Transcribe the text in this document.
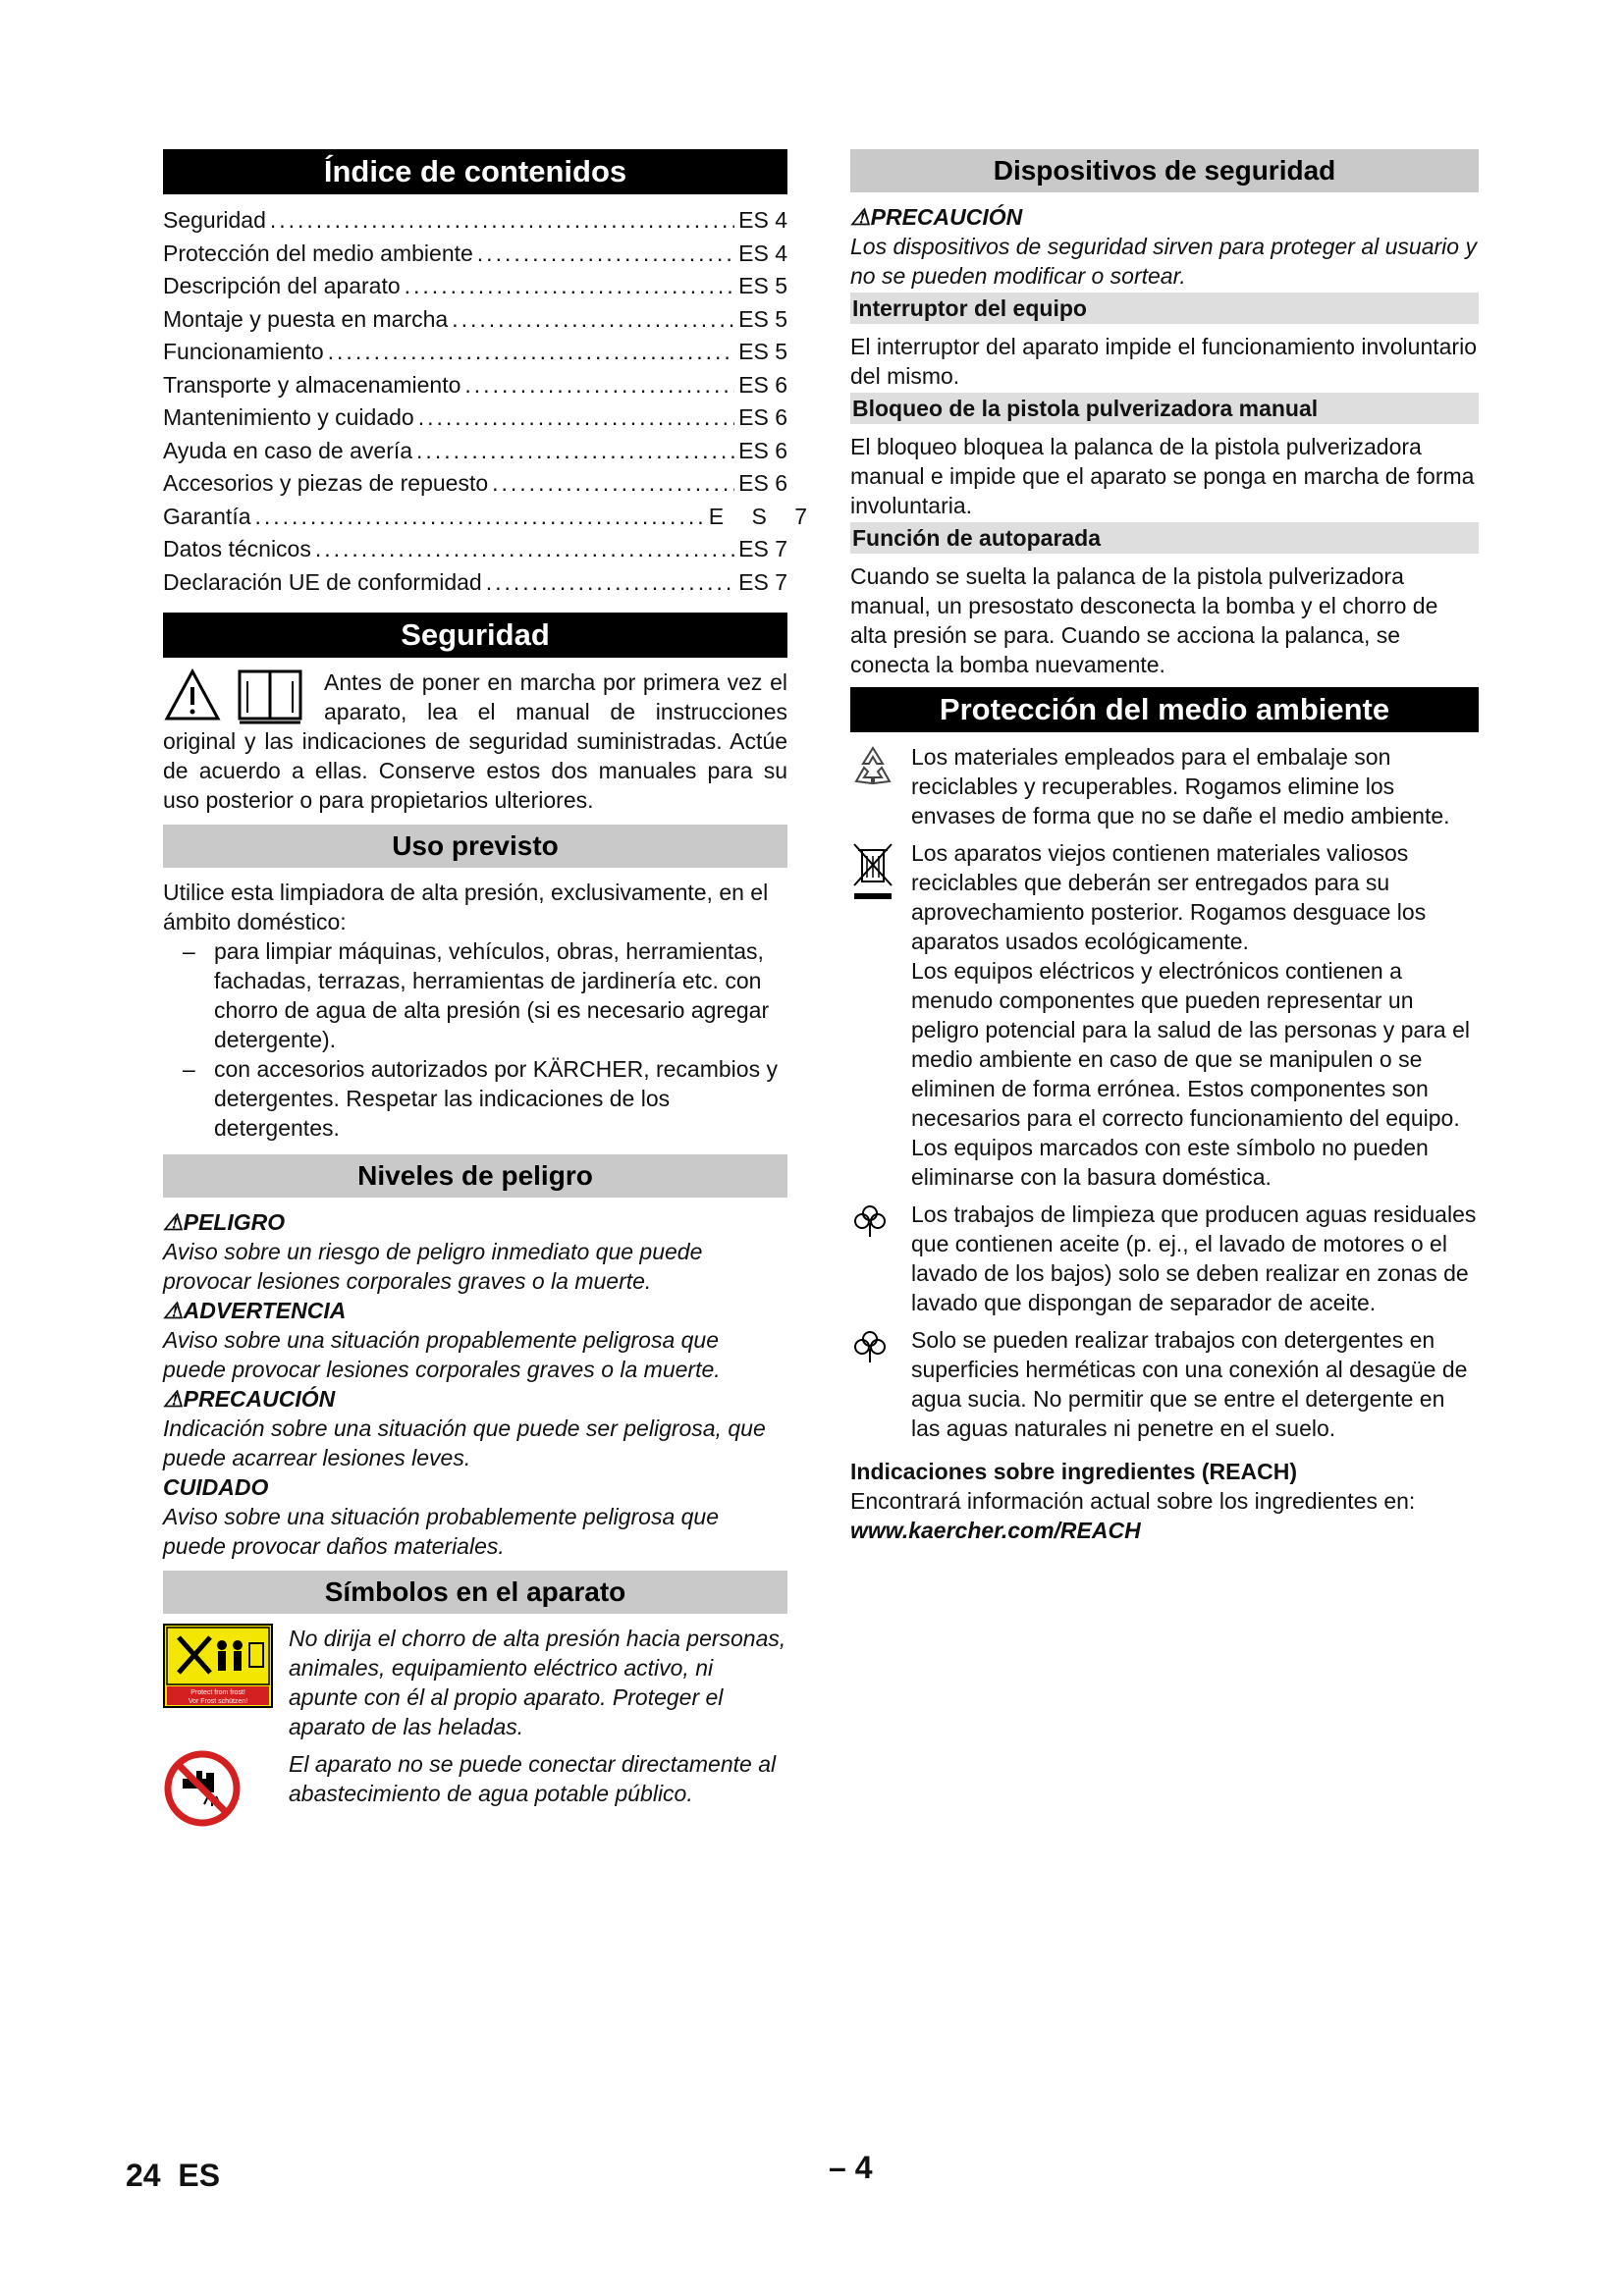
Índice de contenidos
Seguridad .....	ES 4
Protección del medio ambiente .....	ES 4
Descripción del aparato .....	ES 5
Montaje y puesta en marcha .....	ES 5
Funcionamiento .....	ES 5
Transporte y almacenamiento .....	ES 6
Mantenimiento y cuidado .....	ES 6
Ayuda en caso de avería .....	ES 6
Accesorios y piezas de repuesto .....	ES 6
Garantía .....	E S 7
Datos técnicos .....	ES 7
Declaración UE de conformidad .....	ES 7
Seguridad

Antes de poner en marcha por primera vez el aparato, lea el manual de instrucciones original y las indicaciones de seguridad suministradas. Actúe de acuerdo a ellas. Conserve estos dos manuales para su uso posterior o para propietarios ulteriores.

Uso previsto

Utilice esta limpiadora de alta presión, exclusivamente, en el ámbito doméstico:

–
para limpiar máquinas, vehículos, obras, herramientas, fachadas, terrazas, herramientas de jardinería etc. con chorro de agua de alta presión (si es necesario agregar detergente).
–
con accesorios autorizados por KÄRCHER, recambios y detergentes. Respetar las indicaciones de los detergentes.
Niveles de peligro
⚠PELIGRO

Aviso sobre un riesgo de peligro inmediato que puede provocar lesiones corporales graves o la muerte.

⚠ADVERTENCIA

Aviso sobre una situación propablemente peligrosa que puede provocar lesiones corporales graves o la muerte.

⚠PRECAUCIÓN

Indicación sobre una situación que puede ser peligrosa, que puede acarrear lesiones leves.

CUIDADO

Aviso sobre una situación probablemente peligrosa que puede provocar daños materiales.

Símbolos en el aparato
Protect from frost!
Vor Frost schützen!

No dirija el chorro de alta presión hacia personas, animales, equipamiento eléctrico activo, ni apunte con él al propio aparato. Proteger el aparato de las heladas.

El aparato no se puede conectar directamente al abastecimiento de agua potable público.

Dispositivos de seguridad
⚠PRECAUCIÓN

Los dispositivos de seguridad sirven para proteger al usuario y no se pueden modificar o sortear.

Interruptor del equipo

El interruptor del aparato impide el funcionamiento involuntario del mismo.

Bloqueo de la pistola pulverizadora manual

El bloqueo bloquea la palanca de la pistola pulverizadora manual e impide que el aparato se ponga en marcha de forma involuntaria.

Función de autoparada

Cuando se suelta la palanca de la pistola pulverizadora manual, un presostato desconecta la bomba y el chorro de alta presión se para. Cuando se acciona la palanca, se conecta la bomba nuevamente.

Protección del medio ambiente

Los materiales empleados para el embalaje son reciclables y recuperables. Rogamos elimine los envases de forma que no se dañe el medio ambiente.

Los aparatos viejos contienen materiales valiosos reciclables que deberán ser entregados para su aprovechamiento posterior. Rogamos desguace los aparatos usados ecológicamente.

Los equipos eléctricos y electrónicos contienen a menudo componentes que pueden representar un peligro potencial para la salud de las personas y para el medio ambiente en caso de que se manipulen o se eliminen de forma errónea. Estos componentes son necesarios para el correcto funcionamiento del equipo. Los equipos marcados con este símbolo no pueden eliminarse con la basura doméstica.

Los trabajos de limpieza que producen aguas residuales que contienen aceite (p. ej., el lavado de motores o el lavado de los bajos) solo se deben realizar en zonas de lavado que dispongan de separador de aceite.

Solo se pueden realizar trabajos con detergentes en superficies herméticas con una conexión al desagüe de agua sucia. No permitir que se entre el detergente en las aguas naturales ni penetre en el suelo.

Indicaciones sobre ingredientes (REACH)

Encontrará información actual sobre los ingredientes en:

www.kaercher.com/REACH

24 ES	– 4
